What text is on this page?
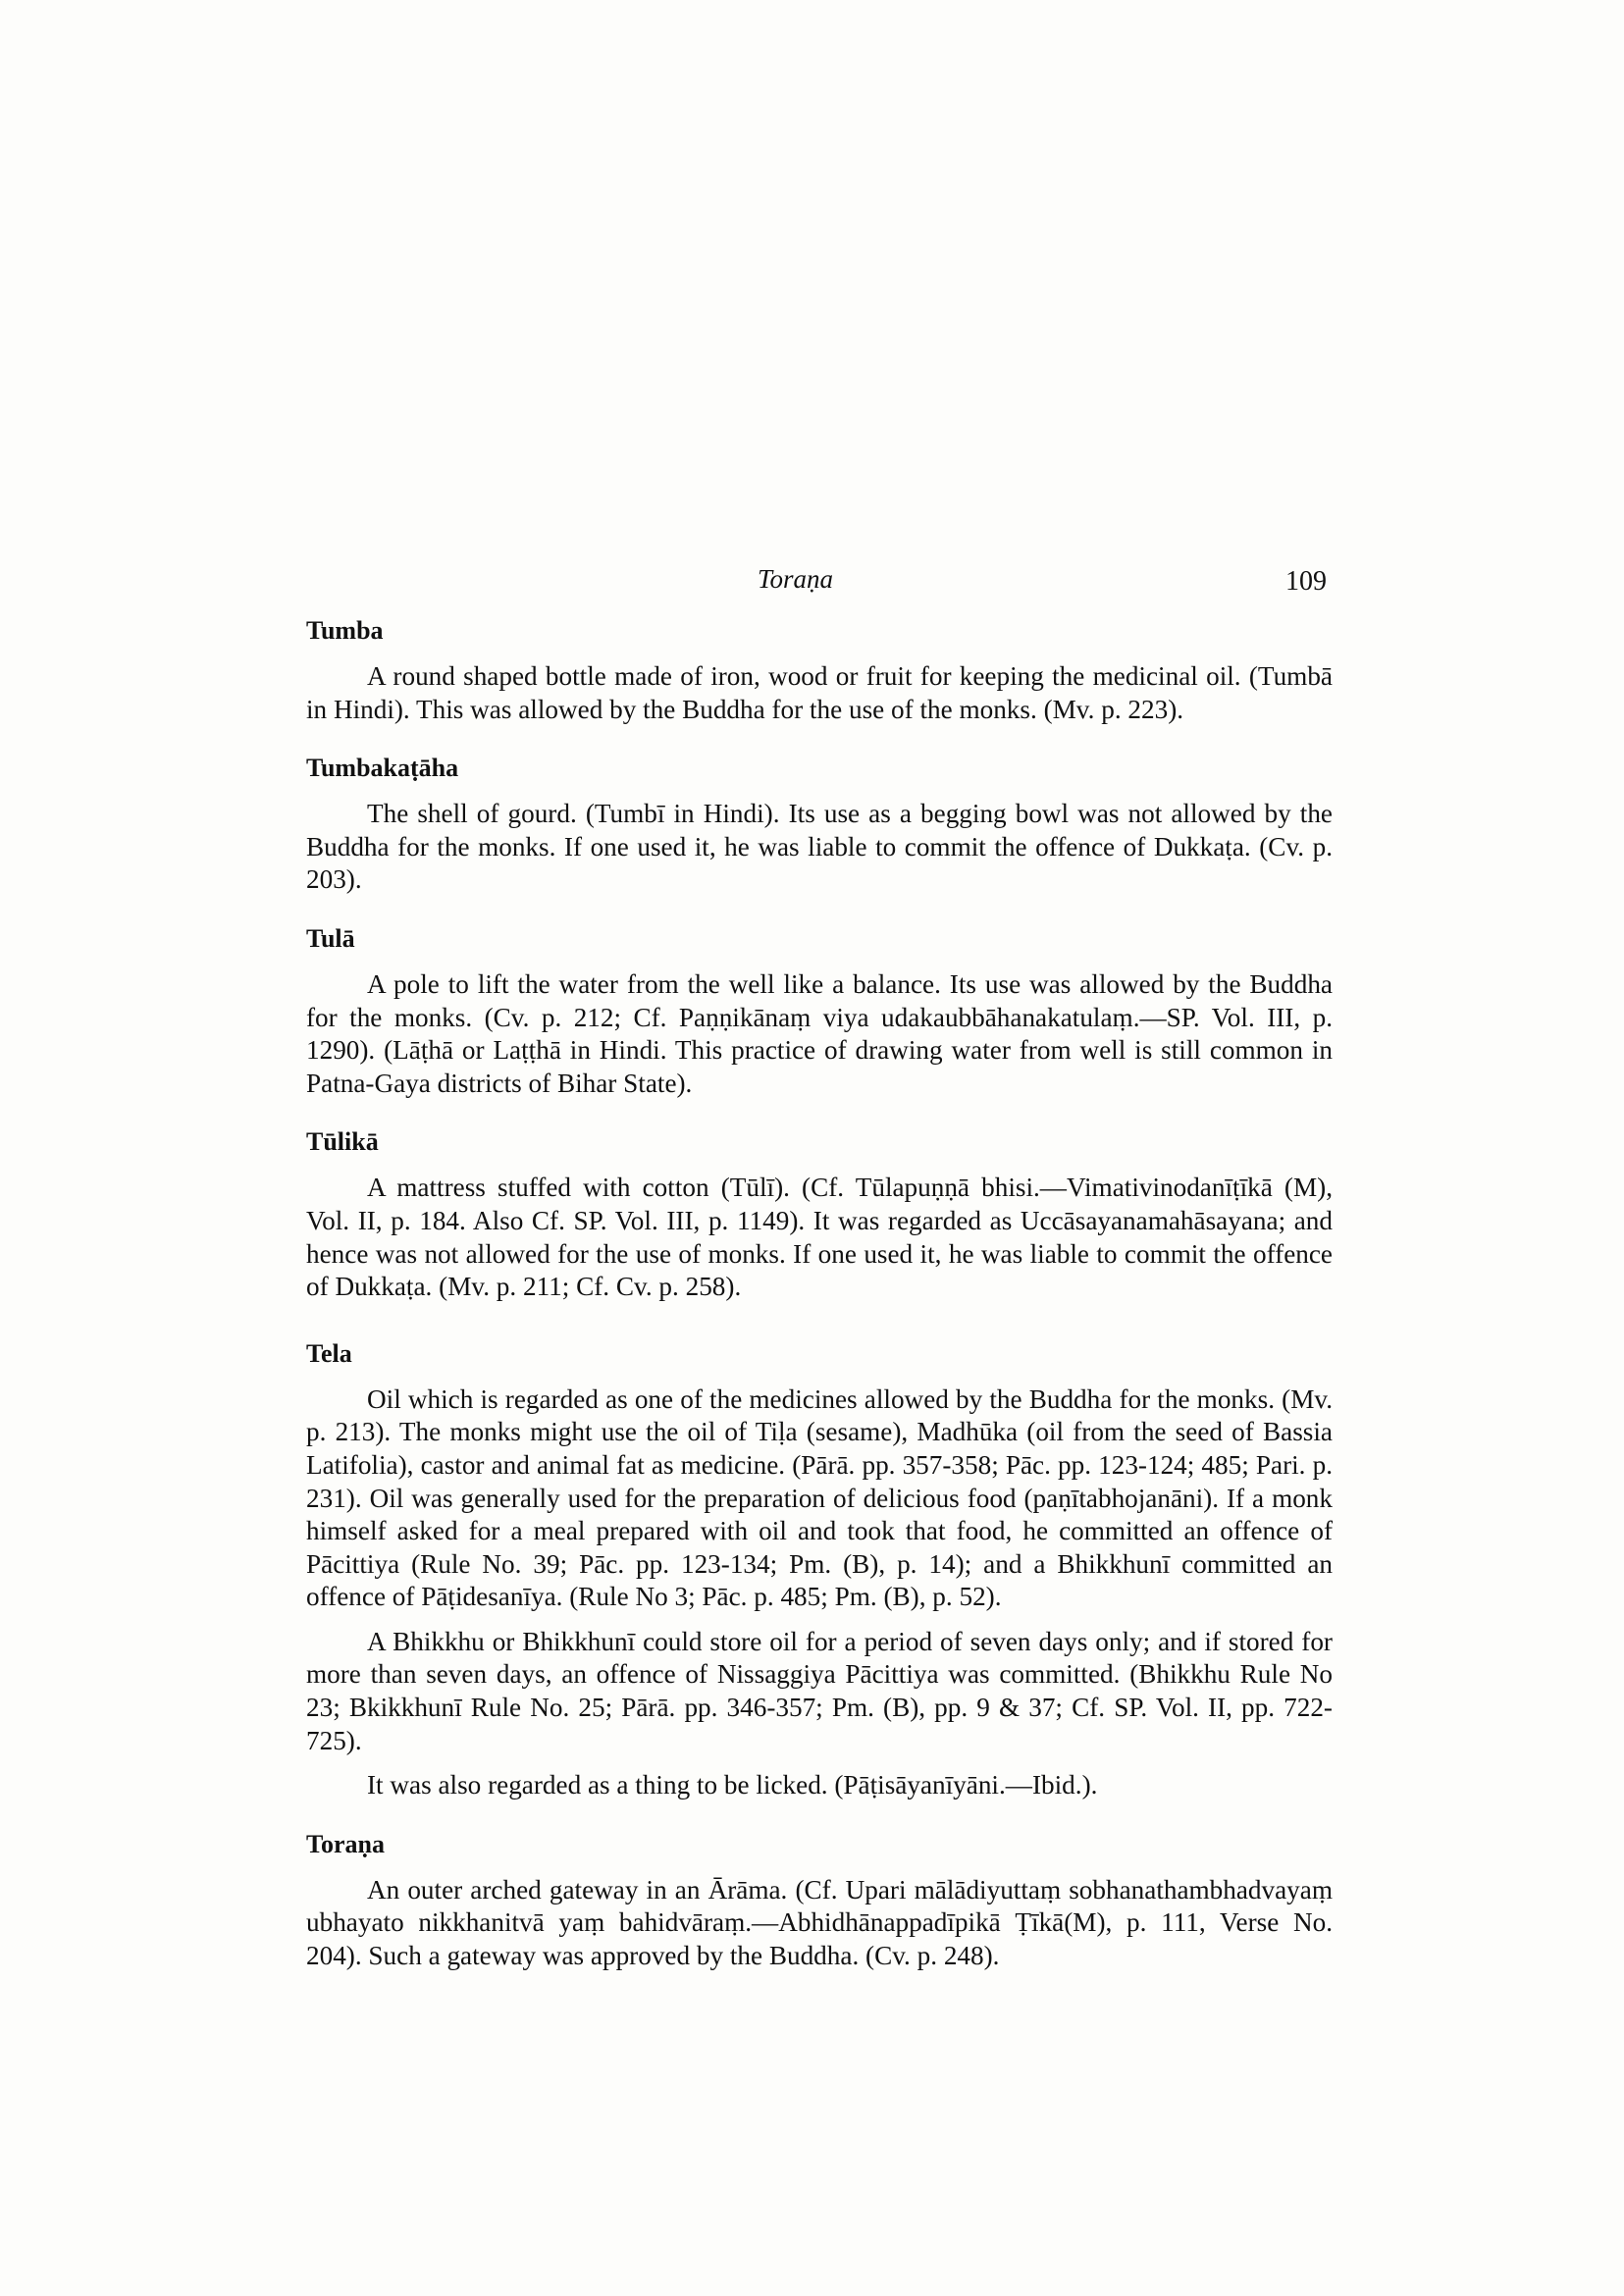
Toraṇa	109
Tumba

A round shaped bottle made of iron, wood or fruit for keeping the medicinal oil. (Tumbā in Hindi). This was allowed by the Buddha for the use of the monks. (Mv. p. 223).

Tumbakaṭāha

The shell of gourd. (Tumbī in Hindi). Its use as a begging bowl was not allowed by the Buddha for the monks. If one used it, he was liable to commit the offence of Dukkaṭa. (Cv. p. 203).

Tulā

A pole to lift the water from the well like a balance. Its use was allowed by the Buddha for the monks. (Cv. p. 212; Cf. Paṇṇikānaṃ viya udakaubbāhanakatulaṃ.—SP. Vol. III, p. 1290). (Lāṭhā or Laṭṭhā in Hindi. This practice of drawing water from well is still common in Patna-Gaya districts of Bihar State).

Tūlikā

A mattress stuffed with cotton (Tūlī). (Cf. Tūlapuṇṇā bhisi.—Vimativinodanīṭīkā (M), Vol. II, p. 184. Also Cf. SP. Vol. III, p. 1149). It was regarded as Uccāsayanamahāsayana; and hence was not allowed for the use of monks. If one used it, he was liable to commit the offence of Dukkaṭa. (Mv. p. 211; Cf. Cv. p. 258).

Tela

Oil which is regarded as one of the medicines allowed by the Buddha for the monks. (Mv. p. 213). The monks might use the oil of Tiḷa (sesame), Madhūka (oil from the seed of Bassia Latifolia), castor and animal fat as medicine. (Pārā. pp. 357-358; Pāc. pp. 123-124; 485; Pari. p. 231). Oil was generally used for the preparation of delicious food (paṇītabhojanāni). If a monk himself asked for a meal prepared with oil and took that food, he committed an offence of Pācittiya (Rule No. 39; Pāc. pp. 123-134; Pm. (B), p. 14); and a Bhikkhunī committed an offence of Pāṭidesanīya. (Rule No 3; Pāc. p. 485; Pm. (B), p. 52).

A Bhikkhu or Bhikkhunī could store oil for a period of seven days only; and if stored for more than seven days, an offence of Nissaggiya Pācittiya was committed. (Bhikkhu Rule No 23; Bkikkhunī Rule No. 25; Pārā. pp. 346-357; Pm. (B), pp. 9 & 37; Cf. SP. Vol. II, pp. 722-725).

It was also regarded as a thing to be licked. (Pāṭisāyanīyāni.—Ibid.).

Toraṇa

An outer arched gateway in an Ārāma. (Cf. Upari mālādiyuttaṃ sobhanathambhadvayaṃ ubhayato nikkhanitvā yaṃ bahidvāraṃ.—Abhidhānappadīpikā Ṭīkā(M), p. 111, Verse No. 204). Such a gateway was approved by the Buddha. (Cv. p. 248).
